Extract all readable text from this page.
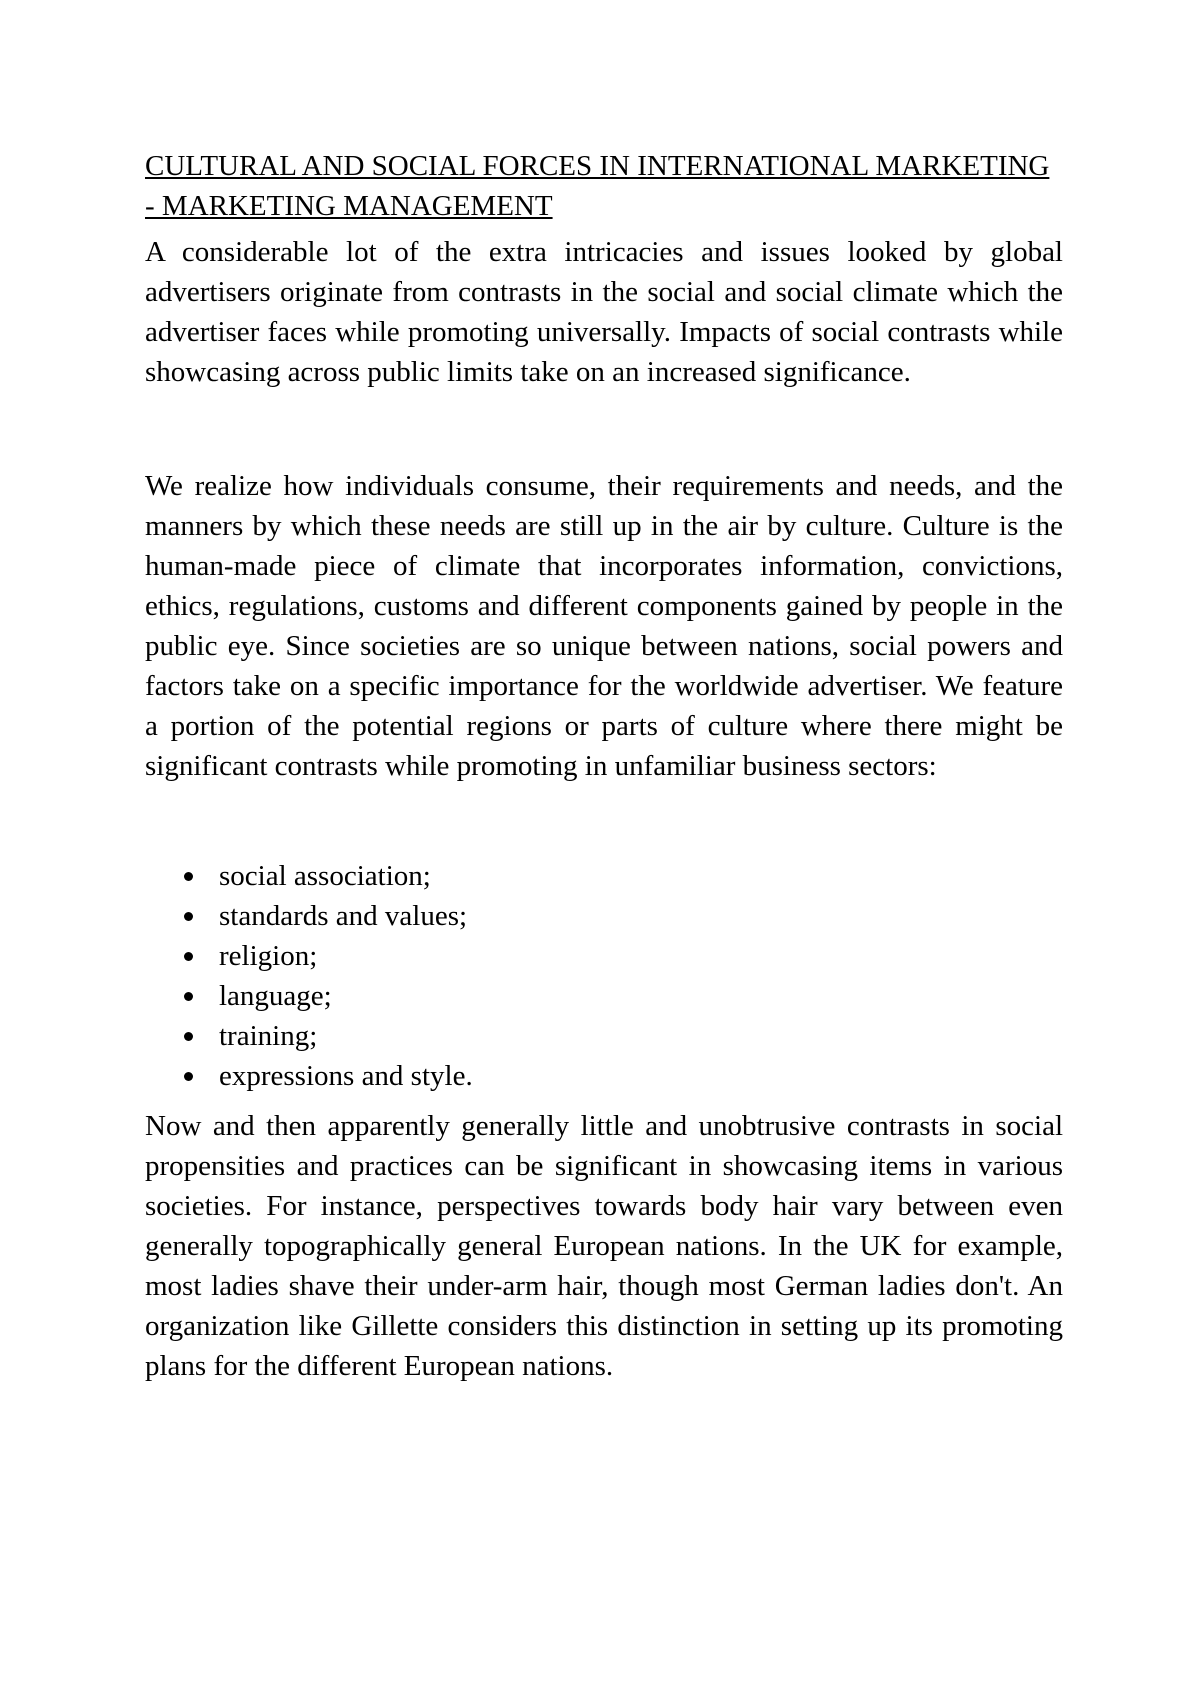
CULTURAL AND SOCIAL FORCES IN INTERNATIONAL MARKETING - MARKETING MANAGEMENT

A considerable lot of the extra intricacies and issues looked by global advertisers originate from contrasts in the social and social climate which the advertiser faces while promoting universally. Impacts of social contrasts while showcasing across public limits take on an increased significance.

We realize how individuals consume, their requirements and needs, and the manners by which these needs are still up in the air by culture. Culture is the human-made piece of climate that incorporates information, convictions, ethics, regulations, customs and different components gained by people in the public eye. Since societies are so unique between nations, social powers and factors take on a specific importance for the worldwide advertiser. We feature a portion of the potential regions or parts of culture where there might be significant contrasts while promoting in unfamiliar business sectors:

social association;
standards and values;
religion;
language;
training;
expressions and style.

Now and then apparently generally little and unobtrusive contrasts in social propensities and practices can be significant in showcasing items in various societies. For instance, perspectives towards body hair vary between even generally topographically general European nations. In the UK for example, most ladies shave their under-arm hair, though most German ladies don't. An organization like Gillette considers this distinction in setting up its promoting plans for the different European nations.
